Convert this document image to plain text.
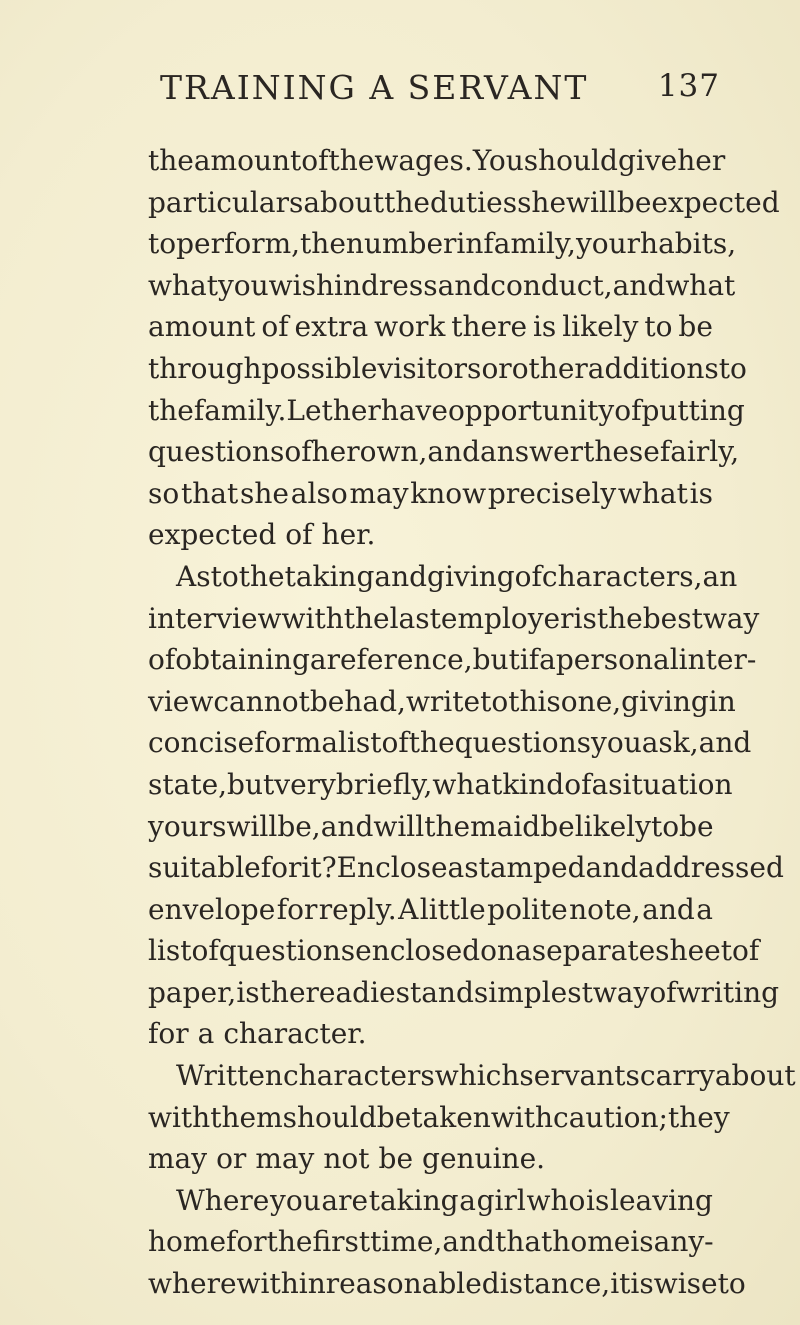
TRAINING A SERVANT 137
the amount of the wages. You should give her
particulars about the duties she will be expected
to perform, the number in family, your habits,
what you wish in dress and conduct, and what
amount of extra work there is likely to be
through possible visitors or other additions to
the family. Let her have opportunity of putting
questions of her own, and answer these fairly,
so that she also may know precisely what is
expected of her.
As to the taking and giving of characters, an
interview with the last employer is the best way
of obtaining a reference, but if a personal inter-
view cannot be had, write to this one, giving in
concise form a list of the questions you ask, and
state, but very briefly, what kind of a situation
yours will be, and will the maid be likely to be
suitable for it ? Enclose a stamped and addressed
envelope for reply. A little polite note, and a
list of questions enclosed on a separate sheet of
paper, is the readiest and simplest way of writing
for a character.
Written characters which servants carry about
with them should be taken with caution ; they
may or may not be genuine.
Where you are taking a girl who is leaving
home for the first time, and that home is any-
where within reasonable distance, it is wise to
